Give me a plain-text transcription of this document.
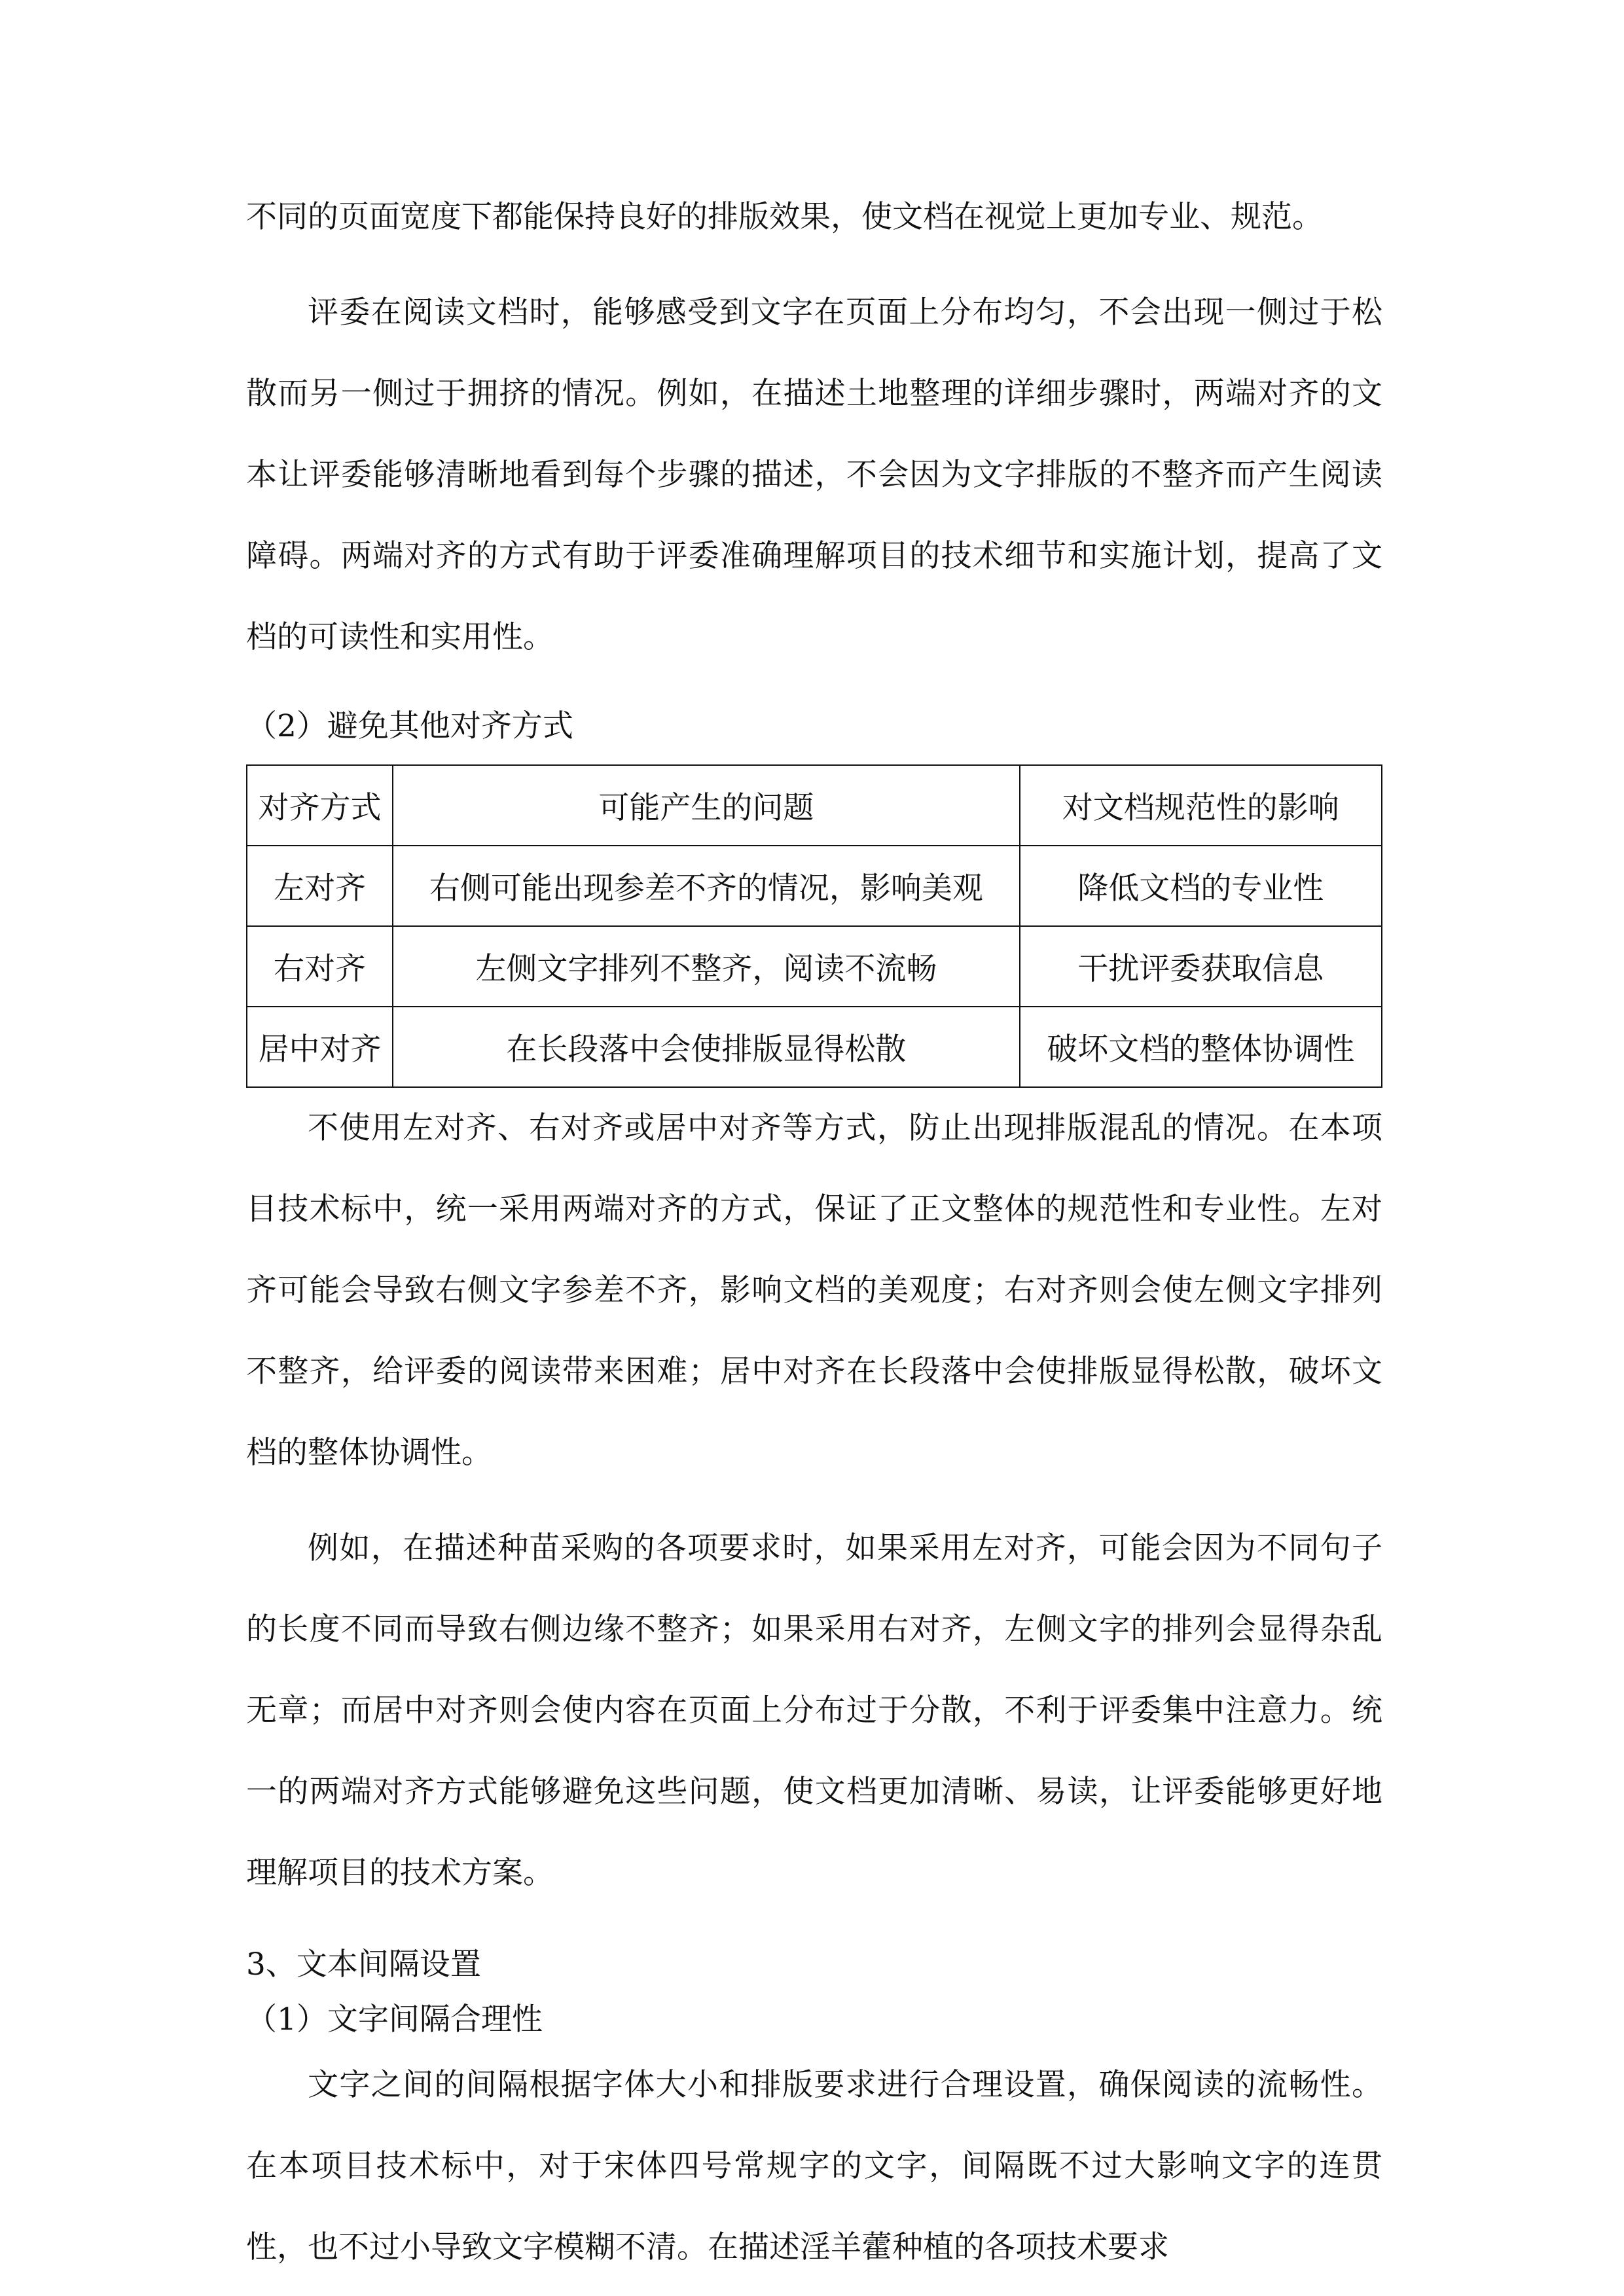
不同的页面宽度下都能保持良好的排版效果，使文档在视觉上更加专业、规范。

评委在阅读文档时，能够感受到文字在页面上分布均匀，不会出现一侧过于松散而另一侧过于拥挤的情况。例如，在描述土地整理的详细步骤时，两端对齐的文本让评委能够清晰地看到每个步骤的描述，不会因为文字排版的不整齐而产生阅读障碍。两端对齐的方式有助于评委准确理解项目的技术细节和实施计划，提高了文档的可读性和实用性。

（2）避免其他对齐方式

对齐方式	可能产生的问题	对文档规范性的影响
左对齐	右侧可能出现参差不齐的情况，影响美观	降低文档的专业性
右对齐	左侧文字排列不整齐，阅读不流畅	干扰评委获取信息
居中对齐	在长段落中会使排版显得松散	破坏文档的整体协调性

不使用左对齐、右对齐或居中对齐等方式，防止出现排版混乱的情况。在本项目技术标中，统一采用两端对齐的方式，保证了正文整体的规范性和专业性。左对齐可能会导致右侧文字参差不齐，影响文档的美观度；右对齐则会使左侧文字排列不整齐，给评委的阅读带来困难；居中对齐在长段落中会使排版显得松散，破坏文档的整体协调性。

例如，在描述种苗采购的各项要求时，如果采用左对齐，可能会因为不同句子的长度不同而导致右侧边缘不整齐；如果采用右对齐，左侧文字的排列会显得杂乱无章；而居中对齐则会使内容在页面上分布过于分散，不利于评委集中注意力。统一的两端对齐方式能够避免这些问题，使文档更加清晰、易读，让评委能够更好地理解项目的技术方案。

3、文本间隔设置

（1）文字间隔合理性

文字之间的间隔根据字体大小和排版要求进行合理设置，确保阅读的流畅性。在本项目技术标中，对于宋体四号常规字的文字，间隔既不过大影响文字的连贯性，也不过小导致文字模糊不清。在描述淫羊藿种植的各项技术要求
